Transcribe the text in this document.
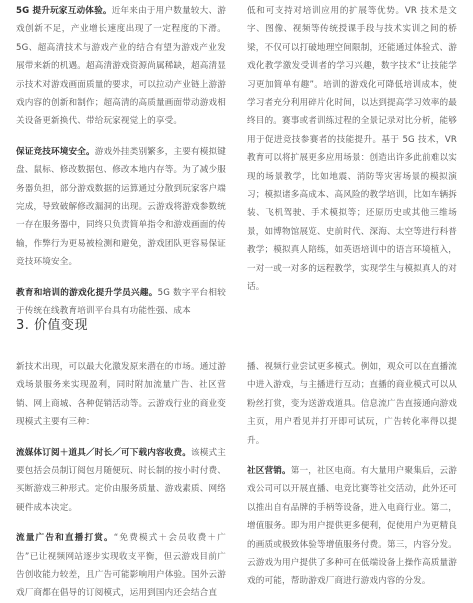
5G 提升玩家互动体验。近年来由于用户数量较大、游戏创新不足，产业增长速度出现了一定程度的下滑。5G、超高清技术与游戏产业的结合有望为游戏产业发展带来新的机遇。超高清游戏资源尚属稀缺，超高清显示技术对游戏画面质量的要求，可以拉动产业链上游游戏内容的创新和制作；超高清的高质量画面带动游戏相关设备更新换代、带给玩家视觉上的享受。

保证竞技环境安全。游戏外挂类别繁多，主要有模拟键盘、鼠标、修改数据包、修改本地内存等。为了减少服务器负担，部分游戏数据的运算通过分散到玩家客户端完成，导致破解修改漏洞的出现。云游戏将游戏参数统一存在服务器中，同终只负责简单指令和游戏画面的传输，作弊行为更易被检测和避免，游戏团队更容易保证竞技环境安全。

教育和培训的游戏化提升学员兴趣。5G 数字平台相较于传统在线教育培训平台具有功能性强、成本

低和可支持对培训应用的扩展等优势。VR 技术是文字、图像、视频等传统授课手段与技术实训之间的桥梁，不仅可以打破地理空间限制，还能通过体验式、游戏化教学激发受训者的学习兴趣，数字技术“让技能学习更加简单有趣”。培训的游戏化可降低培训成本，使学习者充分利用碎片化时间，以达到提高学习效率的最终目的。赛事或者训练过程的全景记录对比分析，能够用于促进竞技参赛者的技能提升。基于 5G 技术，VR 教育可以将扩展更多应用场景：创造出许多此前难以实现的场景教学，比如地震、消防等灾害场景的模拟演习；模拟诸多高成本、高风险的教学培训，比如车辆拆装、飞机驾驶、手术模拟等；还原历史或其他三维场景，如博物馆展览、史前时代、深海、太空等进行科普教学；模拟真人陪练，如英语培训中的语言环境植入，一对一或一对多的远程教学，实现学生与模拟真人的对话。

3. 价值变现

新技术出现，可以最大化激发原来潜在的市场。通过游戏场景服务来实现盈利，同时附加流量广告、社区营销、网上商城、各种促销活动等。云游戏行业的商业变现模式主要有三种：

流媒体订阅＋道具／时长／可下载内容收费。该模式主要包括会员制订阅包月随便玩、时长制的按小时付费、买断游戏三种形式。定价由服务质量、游戏素质、网络硬件成本决定。

流量广告和直播打赏。“免费模式＋会员收费＋广告”已让视频网站逐步实现收支平衡，但云游戏目前广告创收能力较差，且广告可能影响用户体验。国外云游戏厂商都在倡导的订阅模式，运用到国内还会结合直

播、视频行业尝试更多模式。例如，观众可以在直播流中进入游戏，与主播进行互动；直播的商业模式可以从粉丝打赏，变为送游戏道具。信息流广告直接通向游戏主页，用户看见并打开即可试玩，广告转化率得以提升。

社区营销。第一，社区电商。有大量用户聚集后，云游戏公司可以开展直播、电竞比赛等社交活动，此外还可以推出自有品牌的手柄等设备，进入电商行业。第二，增值服务。即为用户提供更多便利，促使用户为更精良的画质或极致体验等增值服务付费。第三，内容分发。云游戏为用户提供了多种可在低端设备上操作高质量游戏的可能，帮助游戏厂商进行游戏内容的分发。
